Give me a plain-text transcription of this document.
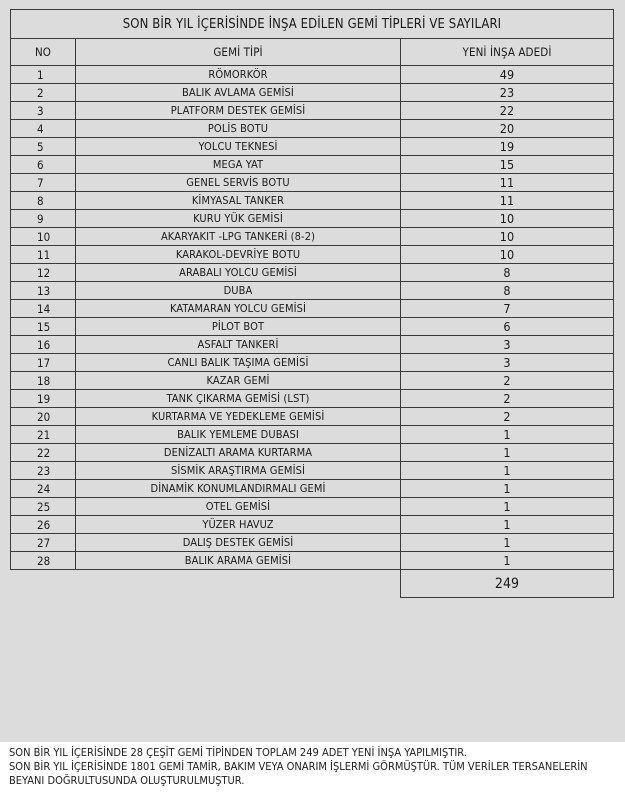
SON BİR YIL İÇERİSİNDE İNŞA EDİLEN GEMİ TİPLERİ VE SAYILARI		
NO	GEMİ TİPİ	YENİ İNŞA ADEDİ
1	RÖMORKÖR	49
2	BALIK AVLAMA GEMİSİ	23
3	PLATFORM DESTEK GEMİSİ	22
4	POLİS BOTU	20
5	YOLCU TEKNESİ	19
6	MEGA YAT	15
7	GENEL SERVİS BOTU	11
8	KİMYASAL TANKER	11
9	KURU YÜK GEMİSİ	10
10	AKARYAKIT -LPG TANKERİ (8-2)	10
11	KARAKOL-DEVRİYE BOTU	10
12	ARABALI YOLCU GEMİSİ	8
13	DUBA	8
14	KATAMARAN YOLCU GEMİSİ	7
15	PİLOT BOT	6
16	ASFALT TANKERİ	3
17	CANLI BALIK TAŞIMA GEMİSİ	3
18	KAZAR GEMİ	2
19	TANK ÇIKARMA GEMİSİ (LST)	2
20	KURTARMA VE YEDEKLEME GEMİSİ	2
21	BALIK YEMLEME DUBASI	1
22	DENİZALTI ARAMA KURTARMA	1
23	SİSMİK ARAŞTIRMA GEMİSİ	1
24	DİNAMİK KONUMLANDIRMALI GEMİ	1
25	OTEL GEMİSİ	1
26	YÜZER HAVUZ	1
27	DALIŞ DESTEK GEMİSİ	1
28	BALIK ARAMA GEMİSİ	1
		249

SON BİR YIL İÇERİSİNDE 28 ÇEŞİT GEMİ TİPİNDEN TOPLAM 249 ADET YENİ İNŞA YAPILMIŞTIR.

SON BİR YIL İÇERİSİNDE 1801 GEMİ TAMİR, BAKIM VEYA ONARIM İŞLERMİ GÖRMÜŞTÜR. TÜM VERİLER TERSANELERİN BEYANI DOĞRULTUSUNDA OLUŞTURULMUŞTUR.
